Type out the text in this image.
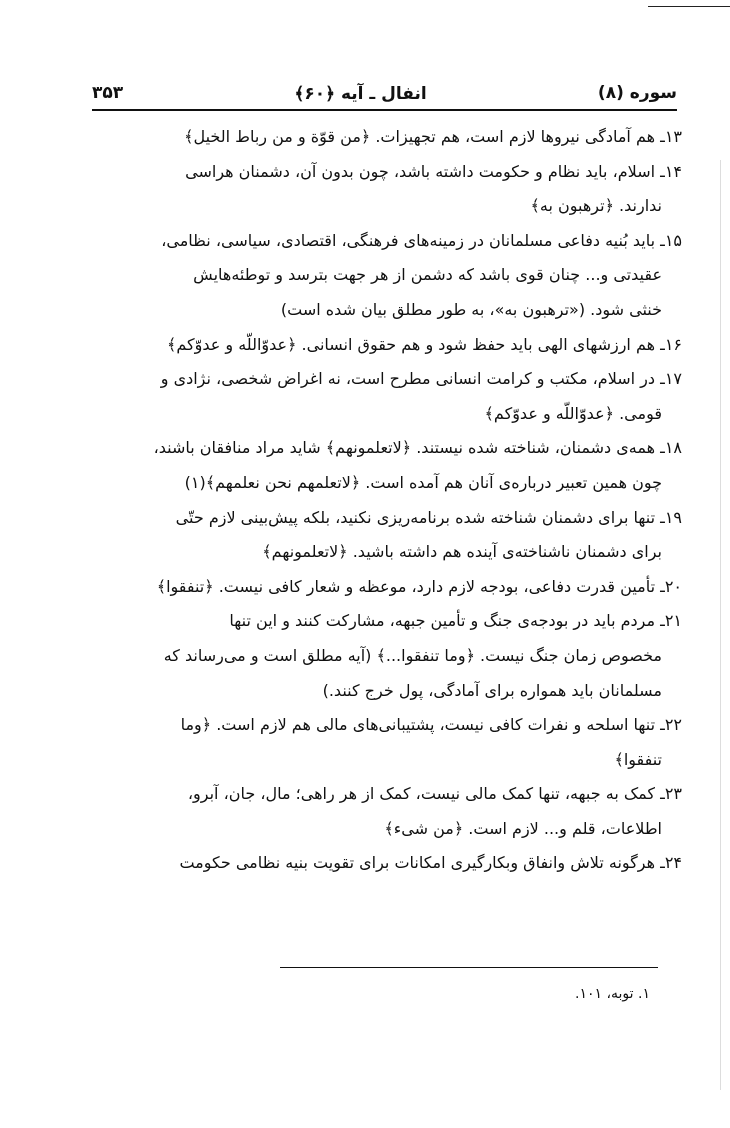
۳۵۳	انفال ـ آیه ﴿۶۰﴾	سوره (۸)
۱۳ـ هم آمادگی نیروها لازم است، هم تجهیزات. ﴿من قوّة و من رباط الخیل﴾
۱۴ـ اسلام، باید نظام و حکومت داشته باشد، چون بدون آن، دشمنان هراسی
ندارند. ﴿ترهبون به﴾
۱۵ـ باید بُنیه دفاعی مسلمانان در زمینه‌های فرهنگی، اقتصادی، سیاسی، نظامی،
عقیدتی و... چنان قوی باشد که دشمن از هر جهت بترسد و توطئه‌هایش
خنثی شود. («ترهبون به»، به طور مطلق بیان شده است)
۱۶ـ هم ارزشهای الهی باید حفظ شود و هم حقوق انسانی. ﴿عدوّاللّه و عدوّکم﴾
۱۷ـ در اسلام، مکتب و کرامت انسانی مطرح است، نه اغراض شخصی، نژادی و
قومی. ﴿عدوّاللّه و عدوّکم﴾
۱۸ـ همه‌ی دشمنان، شناخته شده نیستند. ﴿لاتعلمونهم﴾ شاید مراد منافقان باشند،
چون همین تعبیر درباره‌ی آنان هم آمده است. ﴿لاتعلمهم نحن نعلمهم﴾(۱)
۱۹ـ تنها برای دشمنان شناخته شده برنامه‌ریزی نکنید، بلکه پیش‌بینی لازم حتّی
برای دشمنان ناشناخته‌ی آینده هم داشته باشید. ﴿لاتعلمونهم﴾
۲۰ـ تأمین قدرت دفاعی، بودجه لازم دارد، موعظه و شعار کافی نیست. ﴿تنفقوا﴾
۲۱ـ مردم باید در بودجه‌ی جنگ و تأمین جبهه، مشارکت کنند و این تنها
مخصوص زمان جنگ نیست. ﴿وما تنفقوا...﴾ (آیه مطلق است و می‌رساند که
مسلمانان باید همواره برای آمادگی، پول خرج کنند.)
۲۲ـ تنها اسلحه و نفرات کافی نیست، پشتیبانی‌های مالی هم لازم است. ﴿وما
تنفقوا﴾
۲۳ـ کمک به جبهه، تنها کمک مالی نیست، کمک از هر راهی؛ مال، جان، آبرو،
اطلاعات، قلم و... لازم است. ﴿من شیء﴾
۲۴ـ هرگونه تلاش وانفاق وبکارگیری امکانات برای تقویت بنیه نظامی حکومت
۱. توبه، ۱۰۱.
